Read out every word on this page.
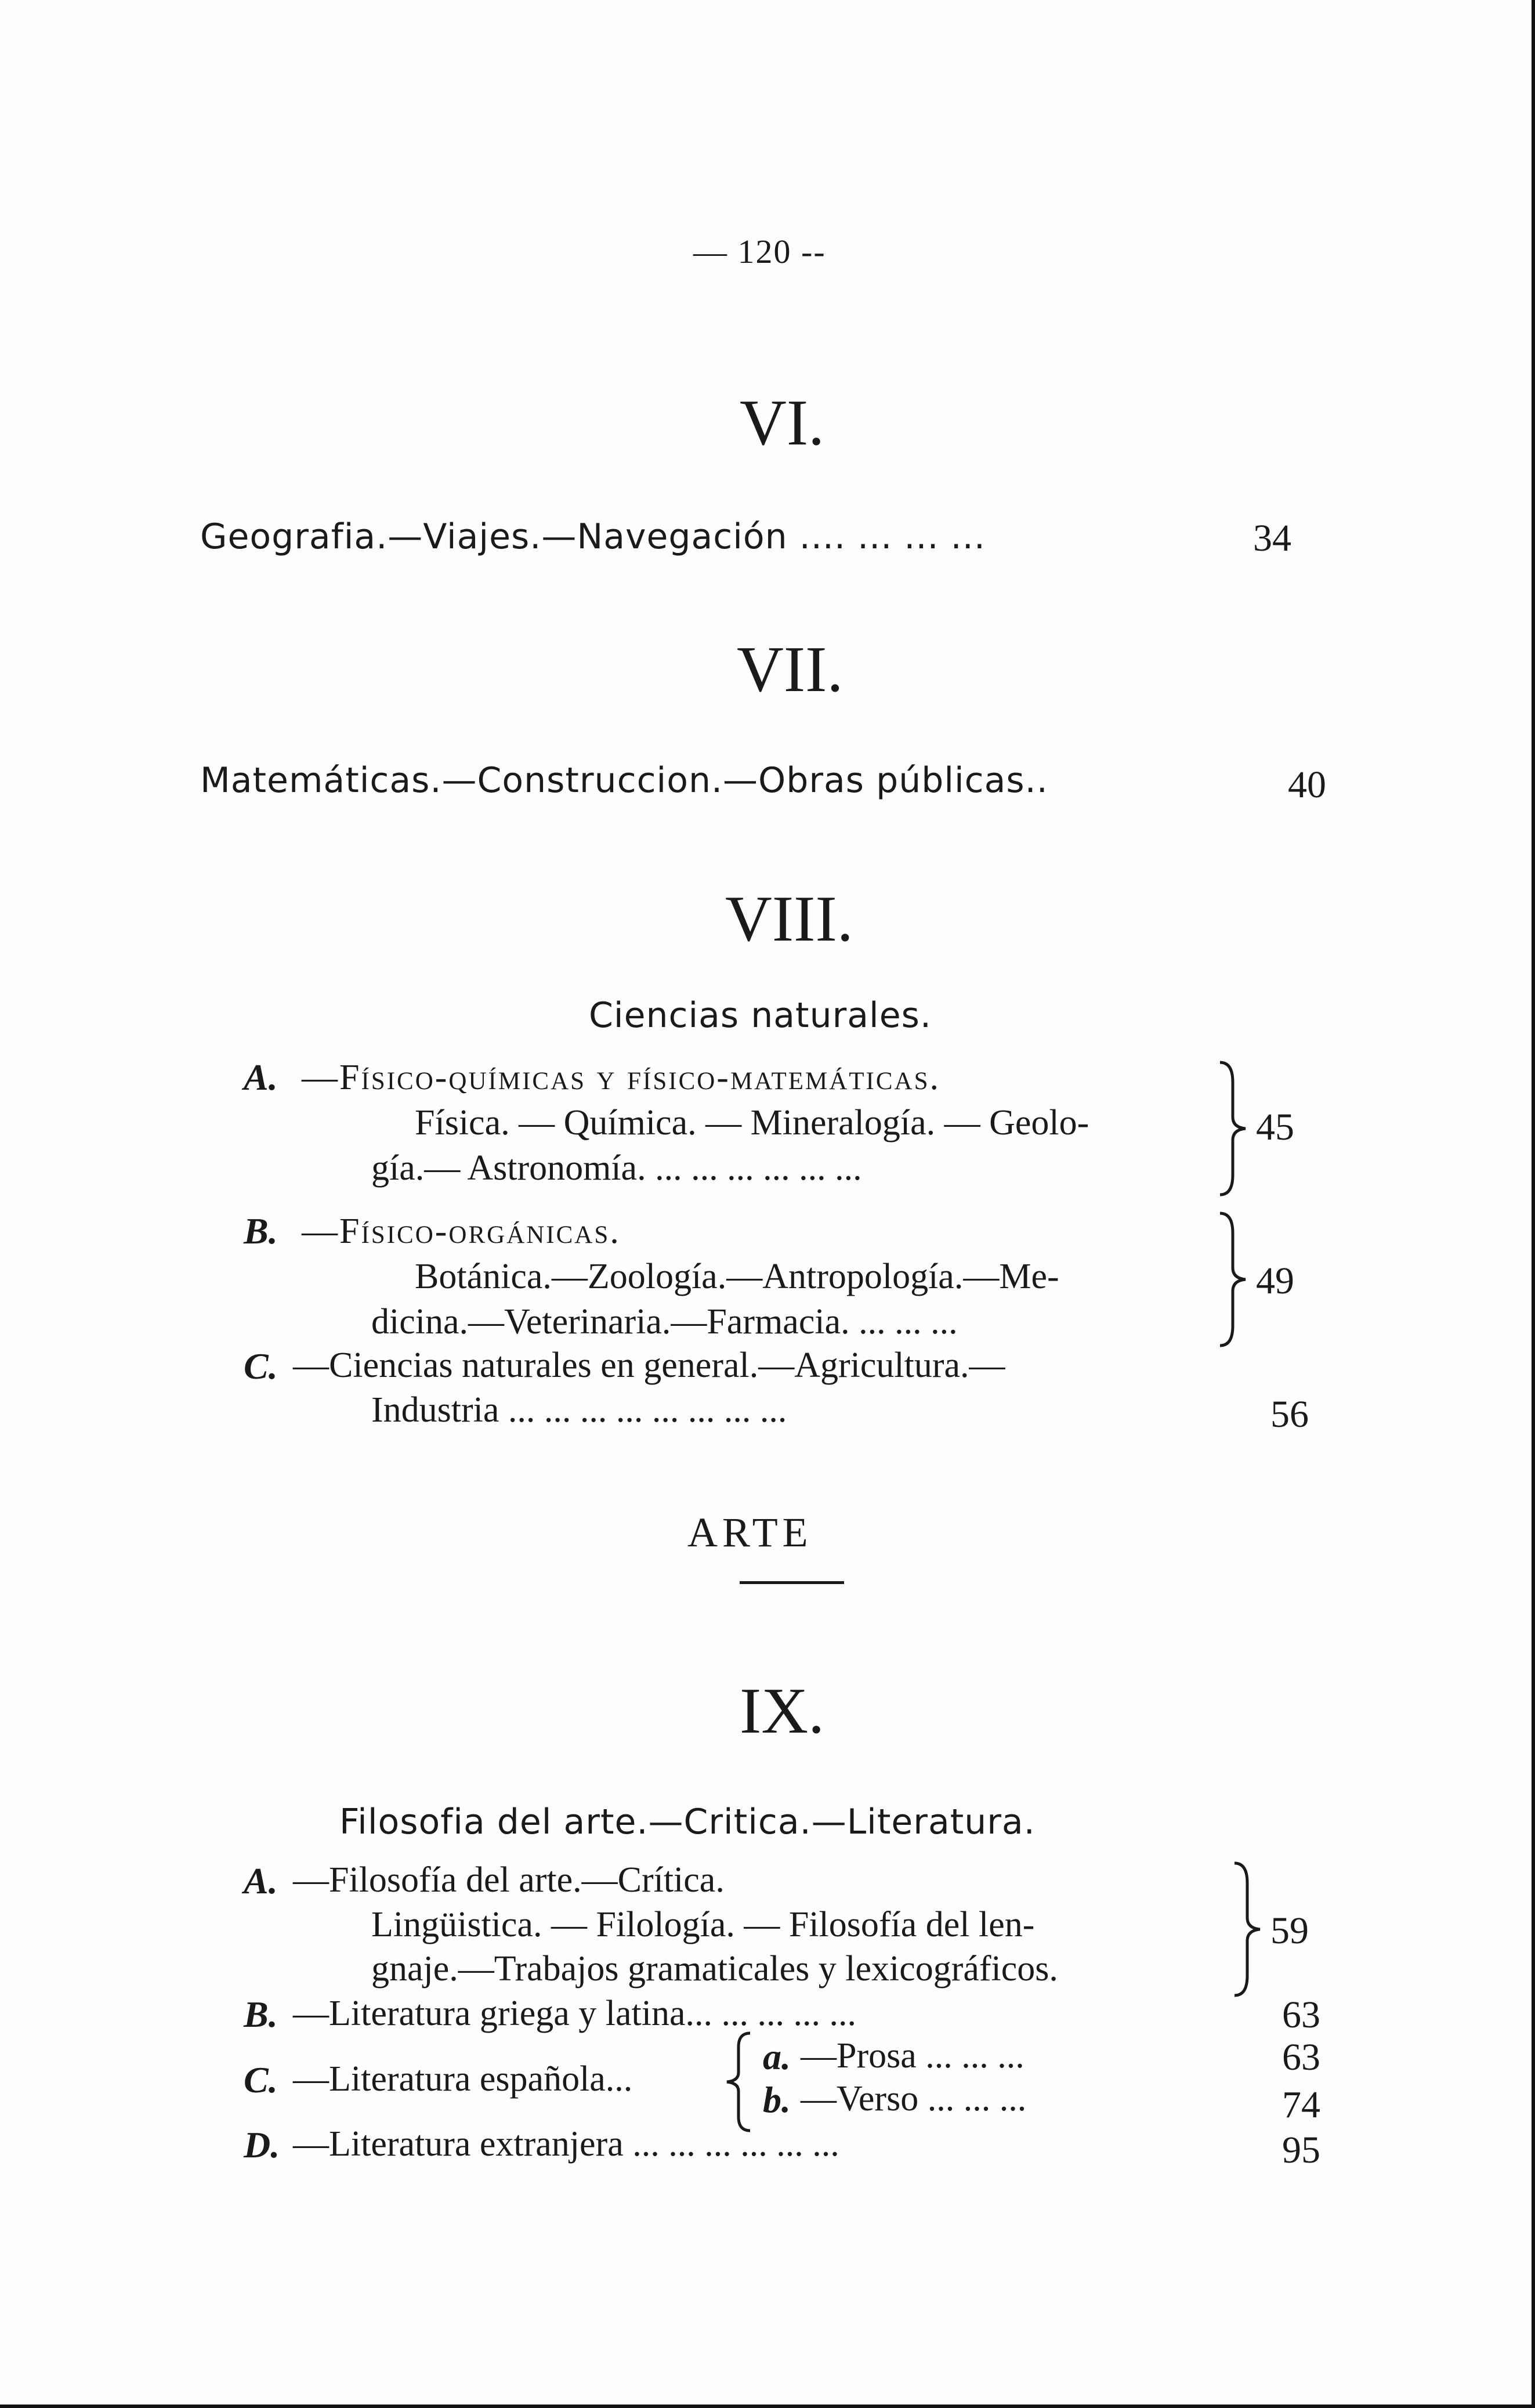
— 120 --
VI.
Geografia.—Viajes.—Navegación .... ... ... ...	34
VII.
Matemáticas.—Construccion.—Obras públicas..	40
VIII.
Ciencias naturales.
A. —Físico-químicas y físico-matemáticas.
Física. — Química. — Mineralogía. — Geolo-
gía.— Astronomía. ... ... ... ... ... ...
45
B. —Físico-orgánicas.
Botánica.—Zoología.—Antropología.—Me-
dicina.—Veterinaria.—Farmacia. ... ... ...
49
C. —Ciencias naturales en general.—Agricultura.—
Industria ... ... ... ... ... ... ... ...	56
ARTE
IX.
Filosofia del arte.—Critica.—Literatura.
A. —Filosofía del arte.—Crítica.
Lingüistica. — Filología. — Filosofía del len-
gnaje.—Trabajos gramaticales y lexicográficos.
59
B. —Literatura griega y latina... ... ... ... ...	63
C. —Literatura española...
a. —Prosa ... ... ...	63
b. —Verso ... ... ...	74
D. —Literatura extranjera ... ... ... ... ... ...	95
